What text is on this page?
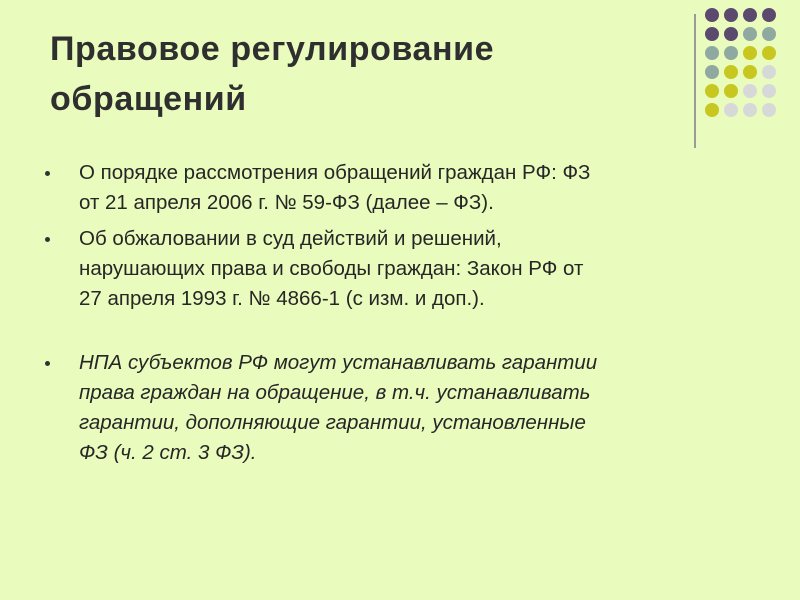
Правовое регулирование
обращений
О порядке рассмотрения обращений граждан РФ: ФЗ
от 21 апреля 2006 г. № 59-ФЗ (далее – ФЗ).
Об обжаловании в суд действий и решений,
нарушающих права и свободы граждан: Закон РФ от
27 апреля 1993 г. № 4866-1 (с изм. и доп.).
НПА субъектов РФ могут устанавливать гарантии
права граждан на обращение, в т.ч. устанавливать
гарантии, дополняющие гарантии, установленные
ФЗ (ч. 2 ст. 3 ФЗ).
